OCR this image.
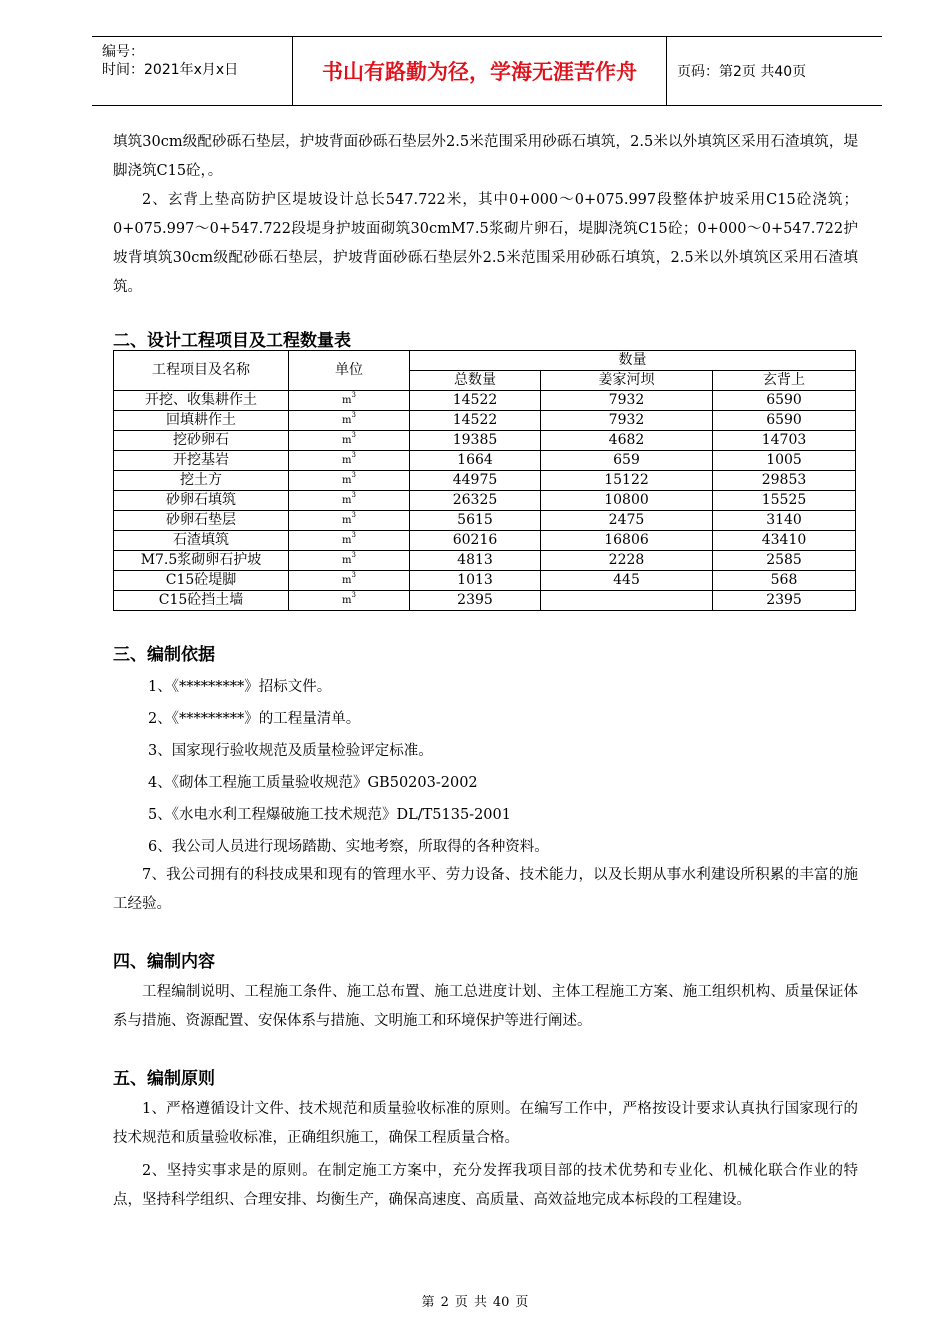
编号：
时间：2021年x月x日	书山有路勤为径，学海无涯苦作舟	页码：第2页 共40页
填筑30cm级配砂砾石垫层，护坡背面砂砾石垫层外2.5米范围采用砂砾石填筑，2.5米以外填筑区采用石渣填筑，堤脚浇筑C15砼，。
2、玄背上垫高防护区堤坡设计总长547.722米，其中0+000～0+075.997段整体护坡采用C15砼浇筑；0+075.997～0+547.722段堤身护坡面砌筑30cmM7.5浆砌片卵石，堤脚浇筑C15砼；0+000～0+547.722护坡背填筑30cm级配砂砾石垫层，护坡背面砂砾石垫层外2.5米范围采用砂砾石填筑，2.5米以外填筑区采用石渣填筑。
二、设计工程项目及工程数量表
工程项目及名称	单位	数量		
		总数量	姜家河坝	玄背上
开挖、收集耕作土	$m^3$	14522	7932	6590
回填耕作土	$m^3$	14522	7932	6590
挖砂卵石	$m^3$	19385	4682	14703
开挖基岩	$m^3$	1664	659	1005
挖土方	$m^3$	44975	15122	29853
砂卵石填筑	$m^3$	26325	10800	15525
砂卵石垫层	$m^3$	5615	2475	3140
石渣填筑	$m^3$	60216	16806	43410
M7.5浆砌卵石护坡	$m^3$	4813	2228	2585
C15砼堤脚	$m^3$	1013	445	568
C15砼挡土墙	$m^3$	2395		2395
三、编制依据
1、《*********》招标文件。
2、《*********》的工程量清单。
3、国家现行验收规范及质量检验评定标准。
4、《砌体工程施工质量验收规范》GB50203-2002
5、《水电水利工程爆破施工技术规范》DL/T5135-2001
6、我公司人员进行现场踏勘、实地考察，所取得的各种资料。
7、我公司拥有的科技成果和现有的管理水平、劳力设备、技术能力，以及长期从事水利建设所积累的丰富的施工经验。
四、编制内容
工程编制说明、工程施工条件、施工总布置、施工总进度计划、主体工程施工方案、施工组织机构、质量保证体系与措施、资源配置、安保体系与措施、文明施工和环境保护等进行阐述。
五、编制原则
1、严格遵循设计文件、技术规范和质量验收标准的原则。在编写工作中，严格按设计要求认真执行国家现行的技术规范和质量验收标准，正确组织施工，确保工程质量合格。
2、坚持实事求是的原则。在制定施工方案中，充分发挥我项目部的技术优势和专业化、机械化联合作业的特点，坚持科学组织、合理安排、均衡生产，确保高速度、高质量、高效益地完成本标段的工程建设。
第 2 页 共 40 页
